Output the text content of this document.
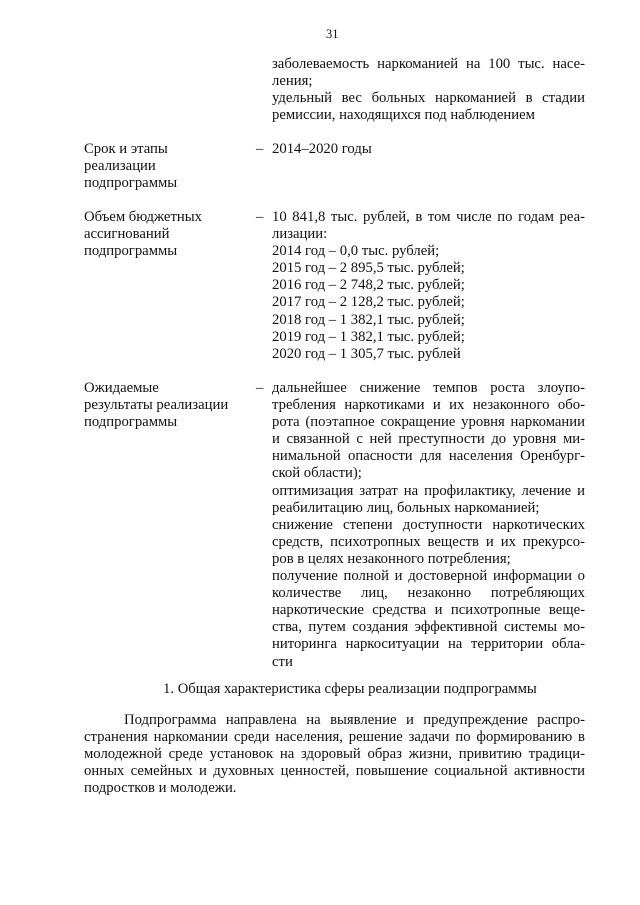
31
заболеваемость наркоманией на 100 тыс. насе-
ления;
удельный вес больных наркоманией в стадии
ремиссии, находящихся под наблюдением
Срок и этапы
реализации
подпрограммы
– 2014–2020 годы
Объем бюджетных
ассигнований
подпрограммы
– 10 841,8 тыс. рублей, в том числе по годам реа-
лизации:
2014 год – 0,0 тыс. рублей;
2015 год – 2 895,5 тыс. рублей;
2016 год – 2 748,2 тыс. рублей;
2017 год – 2 128,2 тыс. рублей;
2018 год – 1 382,1 тыс. рублей;
2019 год – 1 382,1 тыс. рублей;
2020 год – 1 305,7 тыс. рублей
Ожидаемые
результаты реализации
подпрограммы
– дальнейшее снижение темпов роста злоупо-
требления наркотиками и их незаконного обо-
рота (поэтапное сокращение уровня наркомании
и связанной с ней преступности до уровня ми-
нимальной опасности для населения Оренбург-
ской области);
оптимизация затрат на профилактику, лечение и
реабилитацию лиц, больных наркоманией;
снижение степени доступности наркотических
средств, психотропных веществ и их прекурсо-
ров в целях незаконного потребления;
получение полной и достоверной информации о
количестве лиц, незаконно потребляющих
наркотические средства и психотропные веще-
ства, путем создания эффективной системы мо-
ниторинга наркоситуации на территории обла-
сти
1. Общая характеристика сферы реализации подпрограммы
Подпрограмма направлена на выявление и предупреждение распро-
странения наркомании среди населения, решение задачи по формированию в
молодежной среде установок на здоровый образ жизни, привитию традици-
онных семейных и духовных ценностей, повышение социальной активности
подростков и молодежи.
